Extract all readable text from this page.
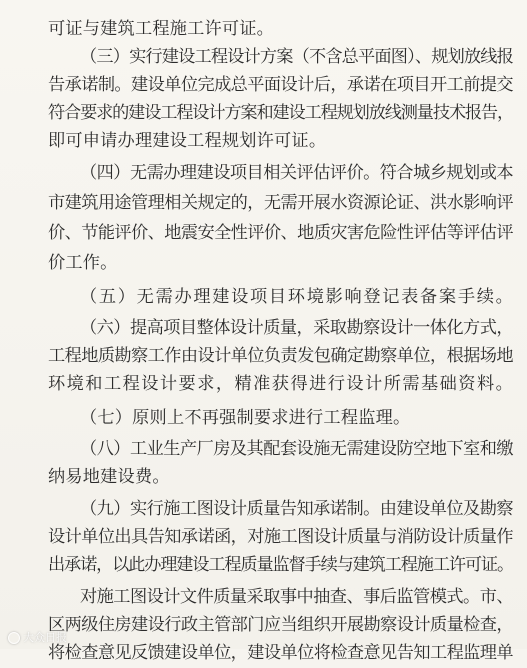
可证与建筑工程施工许可证。
（三）实行建设工程设计方案（不含总平面图）、规划放线报
告承诺制。建设单位完成总平面设计后，承诺在项目开工前提交
符合要求的建设工程设计方案和建设工程规划放线测量技术报告，
即可申请办理建设工程规划许可证。
（四）无需办理建设项目相关评估评价。符合城乡规划或本
市建筑用途管理相关规定的，无需开展水资源论证、洪水影响评
价、节能评价、地震安全性评价、地质灾害危险性评估等评估评
价工作。
（五）无需办理建设项目环境影响登记表备案手续。
（六）提高项目整体设计质量，采取勘察设计一体化方式，
工程地质勘察工作由设计单位负责发包确定勘察单位，根据场地
环境和工程设计要求，精准获得进行设计所需基础资料。
（七）原则上不再强制要求进行工程监理。
（八）工业生产厂房及其配套设施无需建设防空地下室和缴
纳易地建设费。
（九）实行施工图设计质量告知承诺制。由建设单位及勘察
设计单位出具告知承诺函，对施工图设计质量与消防设计质量作
出承诺，以此办理建设工程质量监督手续与建筑工程施工许可证。
对施工图设计文件质量采取事中抽查、事后监管模式。市、
区两级住房建设行政主管部门应当组织开展勘察设计质量检查，
将检查意见反馈建设单位，建设单位将检查意见告知工程监理单
大众日报
